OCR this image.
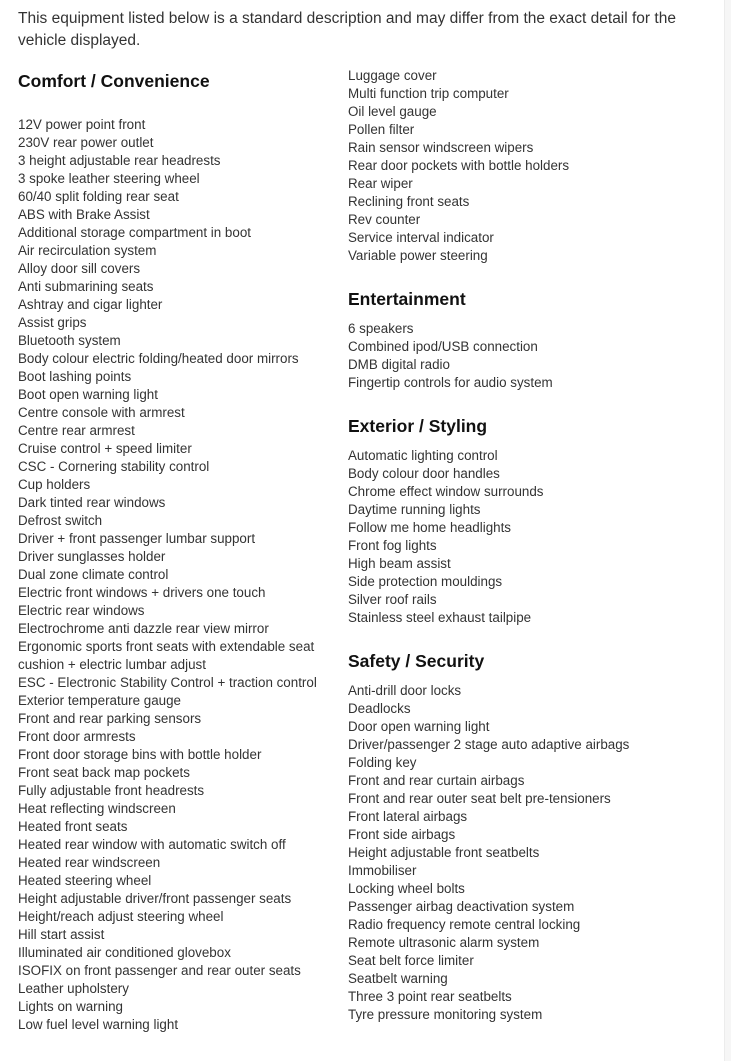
This equipment listed below is a standard description and may differ from the exact detail for the vehicle displayed.

Comfort / Convenience
12V power point front
230V rear power outlet
3 height adjustable rear headrests
3 spoke leather steering wheel
60/40 split folding rear seat
ABS with Brake Assist
Additional storage compartment in boot
Air recirculation system
Alloy door sill covers
Anti submarining seats
Ashtray and cigar lighter
Assist grips
Bluetooth system
Body colour electric folding/heated door mirrors
Boot lashing points
Boot open warning light
Centre console with armrest
Centre rear armrest
Cruise control + speed limiter
CSC - Cornering stability control
Cup holders
Dark tinted rear windows
Defrost switch
Driver + front passenger lumbar support
Driver sunglasses holder
Dual zone climate control
Electric front windows + drivers one touch
Electric rear windows
Electrochrome anti dazzle rear view mirror
Ergonomic sports front seats with extendable seat cushion + electric lumbar adjust
ESC - Electronic Stability Control + traction control
Exterior temperature gauge
Front and rear parking sensors
Front door armrests
Front door storage bins with bottle holder
Front seat back map pockets
Fully adjustable front headrests
Heat reflecting windscreen
Heated front seats
Heated rear window with automatic switch off
Heated rear windscreen
Heated steering wheel
Height adjustable driver/front passenger seats
Height/reach adjust steering wheel
Hill start assist
Illuminated air conditioned glovebox
ISOFIX on front passenger and rear outer seats
Leather upholstery
Lights on warning
Low fuel level warning light
Luggage cover
Multi function trip computer
Oil level gauge
Pollen filter
Rain sensor windscreen wipers
Rear door pockets with bottle holders
Rear wiper
Reclining front seats
Rev counter
Service interval indicator
Variable power steering
Entertainment
6 speakers
Combined ipod/USB connection
DMB digital radio
Fingertip controls for audio system
Exterior / Styling
Automatic lighting control
Body colour door handles
Chrome effect window surrounds
Daytime running lights
Follow me home headlights
Front fog lights
High beam assist
Side protection mouldings
Silver roof rails
Stainless steel exhaust tailpipe
Safety / Security
Anti-drill door locks
Deadlocks
Door open warning light
Driver/passenger 2 stage auto adaptive airbags
Folding key
Front and rear curtain airbags
Front and rear outer seat belt pre-tensioners
Front lateral airbags
Front side airbags
Height adjustable front seatbelts
Immobiliser
Locking wheel bolts
Passenger airbag deactivation system
Radio frequency remote central locking
Remote ultrasonic alarm system
Seat belt force limiter
Seatbelt warning
Three 3 point rear seatbelts
Tyre pressure monitoring system
